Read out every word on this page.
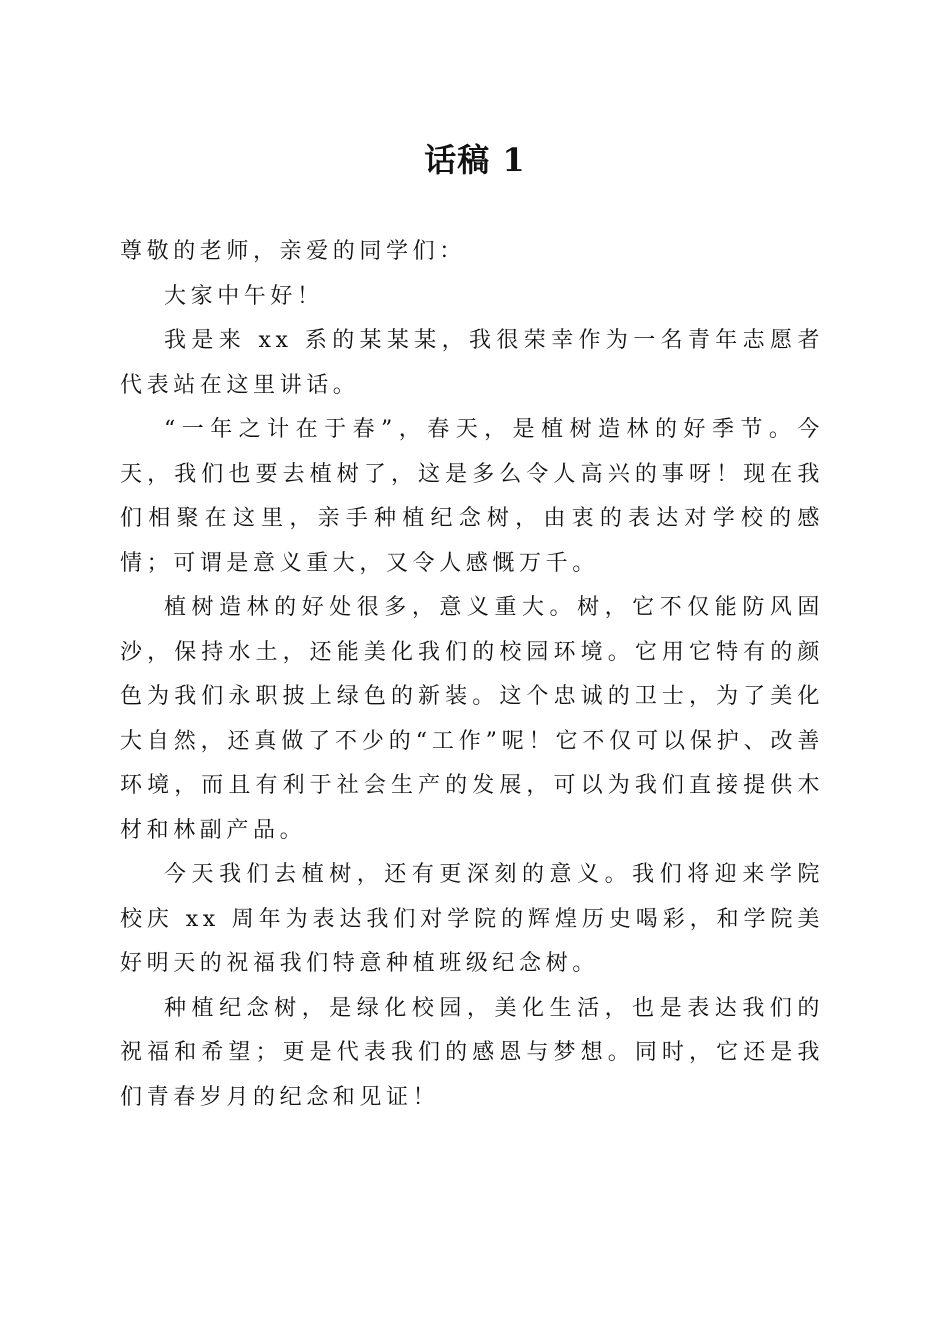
话稿 1

尊敬的老师，亲爱的同学们：

大家中午好！

我是来 xx 系的某某某，我很荣幸作为一名青年志愿者代表站在这里讲话。

“一年之计在于春”，春天，是植树造林的好季节。今天，我们也要去植树了，这是多么令人高兴的事呀！现在我们相聚在这里，亲手种植纪念树，由衷的表达对学校的感情；可谓是意义重大，又令人感慨万千。

植树造林的好处很多，意义重大。树，它不仅能防风固沙，保持水土，还能美化我们的校园环境。它用它特有的颜色为我们永职披上绿色的新装。这个忠诚的卫士，为了美化大自然，还真做了不少的“工作”呢！它不仅可以保护、改善环境，而且有利于社会生产的发展，可以为我们直接提供木材和林副产品。

今天我们去植树，还有更深刻的意义。我们将迎来学院校庆 xx 周年为表达我们对学院的辉煌历史喝彩，和学院美好明天的祝福我们特意种植班级纪念树。

种植纪念树，是绿化校园，美化生活，也是表达我们的祝福和希望；更是代表我们的感恩与梦想。同时，它还是我们青春岁月的纪念和见证！
